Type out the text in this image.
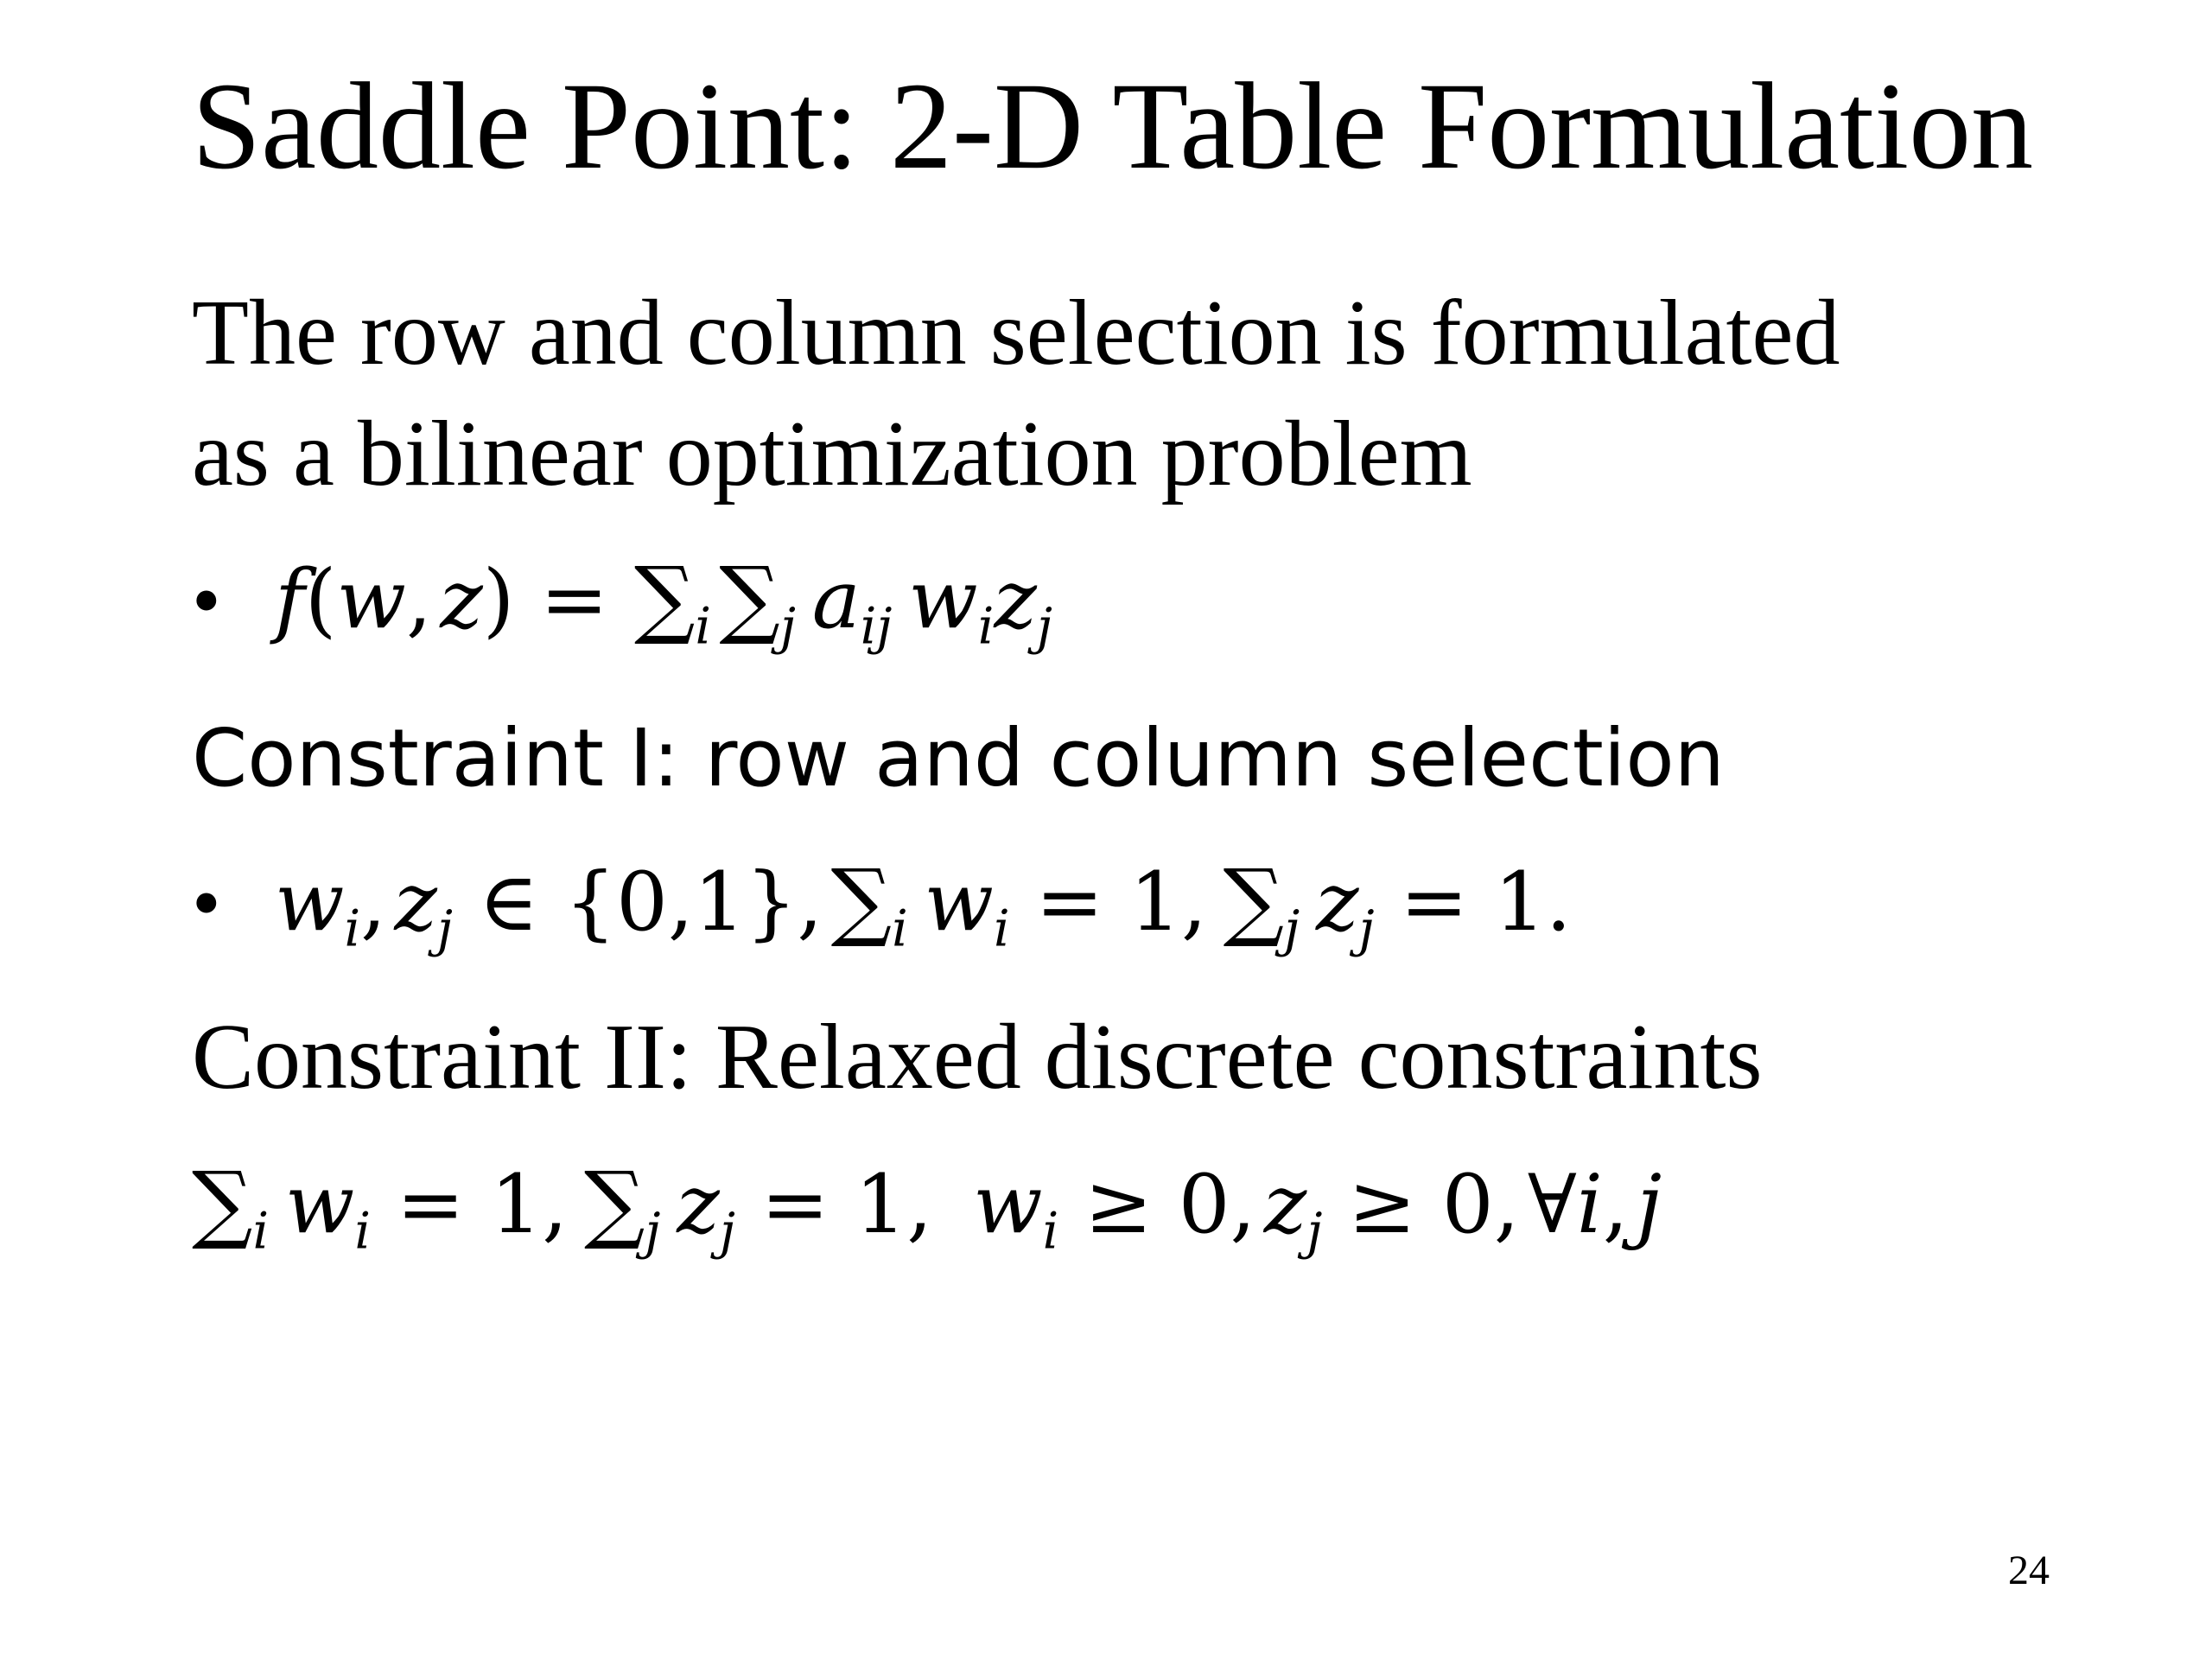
Saddle Point: 2-D Table Formulation
The row and column selection is formulated
as a bilinear optimization problem
• f(w, $z) = \sum_i$ $\sum_j$  $a_{ij}$  $w_iz_j$
Constraint I: row and column selection
• $w_i$, $z_j$ ∈ {0,1}, $\sum_i$  $w_i = 1$, $\sum_j$  $z_j = 1$.
Constraint II: Relaxed discrete constraints
$\sum_i$  $w_i = 1$, $\sum_j$  $z_j = 1$, $w_i \ge 0$, $z_j \ge 0$, ∀i, j
24
